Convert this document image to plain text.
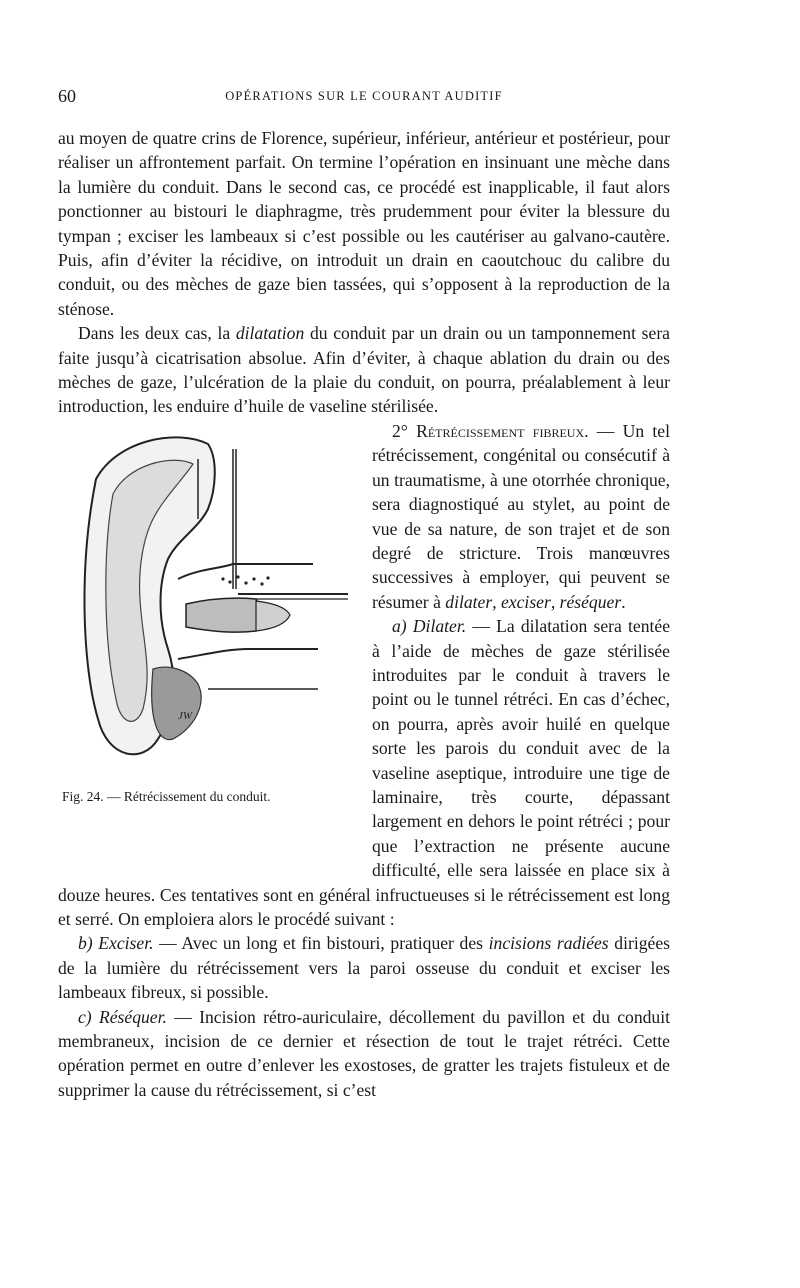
60	OPÉRATIONS SUR LE COURANT AUDITIF

au moyen de quatre crins de Florence, supérieur, inférieur, antérieur et postérieur, pour réaliser un affrontement parfait. On termine l’opération en insinuant une mèche dans la lumière du conduit. Dans le second cas, ce procédé est inapplicable, il faut alors ponctionner au bistouri le diaphragme, très prudemment pour éviter la blessure du tympan ; exciser les lambeaux si c’est possible ou les cautériser au galvano-cautère. Puis, afin d’éviter la récidive, on introduit un drain en caoutchouc du calibre du conduit, ou des mèches de gaze bien tassées, qui s’opposent à la reproduction de la sténose.

Dans les deux cas, la dilatation du conduit par un drain ou un tamponnement sera faite jusqu’à cicatrisation absolue. Afin d’éviter, à chaque ablation du drain ou des mèches de gaze, l’ulcération de la plaie du conduit, on pourra, préalablement à leur introduction, les enduire d’huile de vaseline stérilisée.

JW
Fig. 24. — Rétrécissement du conduit.

2° Rétrécissement fibreux. — Un tel rétrécissement, congénital ou consécutif à un traumatisme, à une otorrhée chronique, sera diagnostiqué au stylet, au point de vue de sa nature, de son trajet et de son degré de stricture. Trois manœuvres successives à employer, qui peuvent se résumer à dilater, exciser, réséquer.

a) Dilater. — La dilatation sera tentée à l’aide de mèches de gaze stérilisée introduites par le conduit à travers le point ou le tunnel rétréci. En cas d’échec, on pourra, après avoir huilé en quelque sorte les parois du conduit avec de la vaseline aseptique, introduire une tige de laminaire, très courte, dépassant largement en dehors le point rétréci ; pour que l’extraction ne présente aucune difficulté, elle sera laissée en place six à douze heures. Ces tentatives sont en général infructueuses si le rétrécissement est long et serré. On emploiera alors le procédé suivant :

b) Exciser. — Avec un long et fin bistouri, pratiquer des incisions radiées dirigées de la lumière du rétrécissement vers la paroi osseuse du conduit et exciser les lambeaux fibreux, si possible.

c) Réséquer. — Incision rétro-auriculaire, décollement du pavillon et du conduit membraneux, incision de ce dernier et résection de tout le trajet rétréci. Cette opération permet en outre d’enlever les exostoses, de gratter les trajets fistuleux et de supprimer la cause du rétrécissement, si c’est
